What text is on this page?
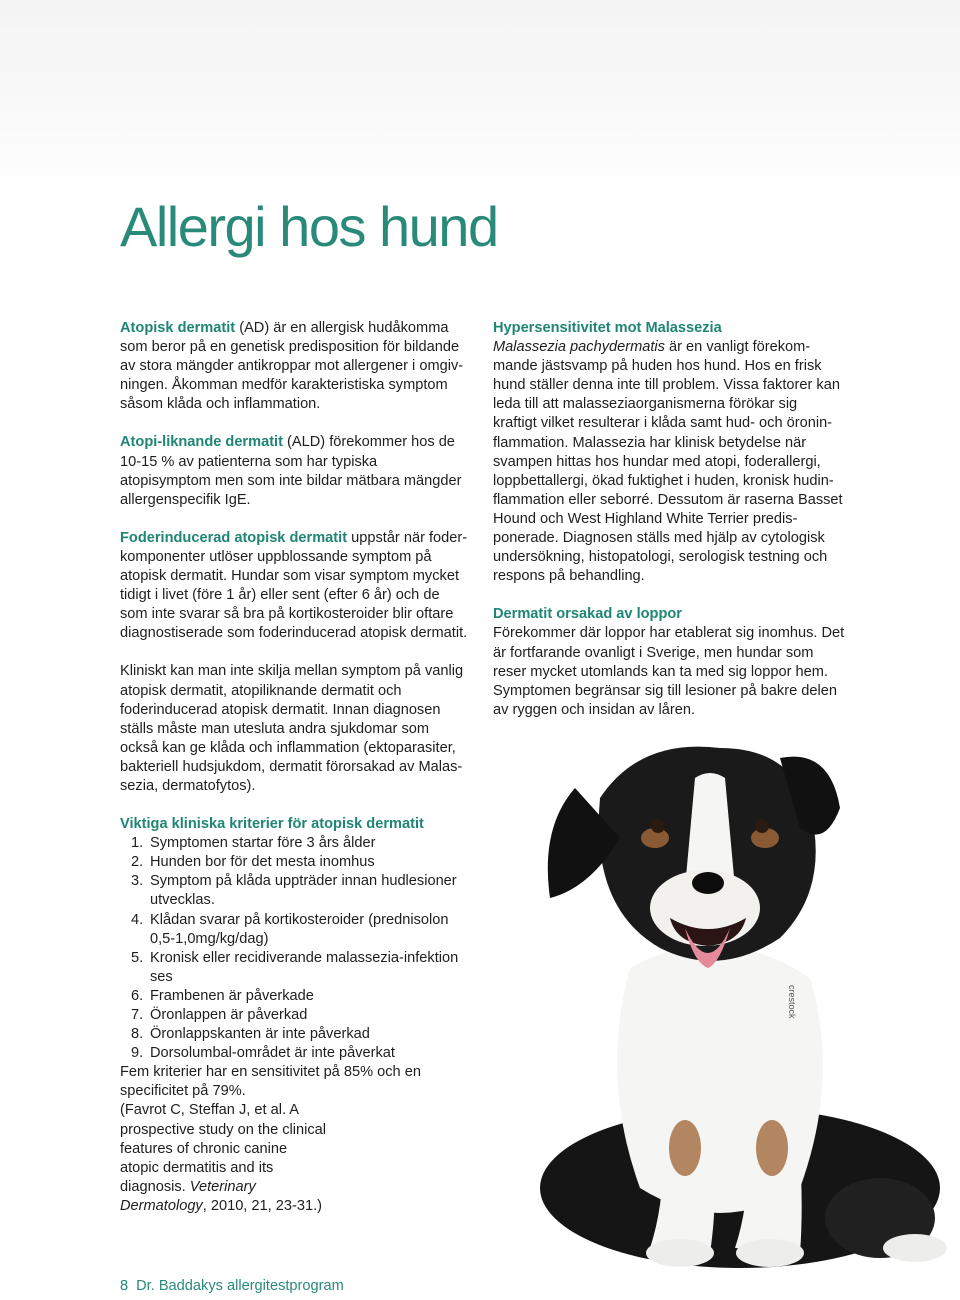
Allergi hos hund

Atopisk dermatit (AD) är en allergisk hudåkomma som beror på en genetisk predisposition för bildande av stora mängder antikroppar mot allergener i omgiv-ningen. Åkomman medför karakteristiska symptom såsom klåda och inflammation.

Atopi-liknande dermatit (ALD) förekommer hos de 10-15 % av patienterna som har typiska atopisymptom men som inte bildar mätbara mängder allergenspecifik IgE.

Foderinducerad atopisk dermatit uppstår när foder-komponenter utlöser uppblossande symptom på atopisk dermatit. Hundar som visar symptom mycket tidigt i livet (före 1 år) eller sent (efter 6 år) och de som inte svarar så bra på kortikosteroider blir oftare diagnostiserade som foderinducerad atopisk dermatit.

Kliniskt kan man inte skilja mellan symptom på vanlig atopisk dermatit, atopiliknande dermatit och foderinducerad atopisk dermatit. Innan diagnosen ställs måste man utesluta andra sjukdomar som också kan ge klåda och inflammation (ektoparasiter, bakteriell hudsjukdom, dermatit förorsakad av Malas-sezia, dermatofytos).

Viktiga kliniska kriterier för atopisk dermatit
1. Symptomen startar före 3 års ålder
2. Hunden bor för det mesta inomhus
3. Symptom på klåda uppträder innan hudlesioner utvecklas.
4. Klådan svarar på kortikosteroider (prednisolon 0,5-1,0mg/kg/dag)
5. Kronisk eller recidiverande malassezia-infektion ses
6. Frambenen är påverkade
7. Öronlappen är påverkad
8. Öronlappskanten är inte påverkad
9. Dorsolumbal-området är inte påverkat

Fem kriterier har en sensitivitet på 85% och en specificitet på 79%.

(Favrot C, Steffan J, et al. A prospective study on the clinical features of chronic canine atopic dermatitis and its diagnosis. Veterinary Dermatology, 2010, 21, 23-31.)

Hypersensitivitet mot Malassezia

Malassezia pachydermatis är en vanligt förekom-mande jästsvamp på huden hos hund. Hos en frisk hund ställer denna inte till problem. Vissa faktorer kan leda till att malasseziaorganismerna förökar sig kraftigt vilket resulterar i klåda samt hud- och öronin-flammation. Malassezia har klinisk betydelse när svampen hittas hos hundar med atopi, foderallergi, loppbettallergi, ökad fuktighet i huden, kronisk hudin-flammation eller seborré. Dessutom är raserna Basset Hound och West Highland White Terrier predis-ponerade. Diagnosen ställs med hjälp av cytologisk undersökning, histopatologi, serologisk testning och respons på behandling.

Dermatit orsakad av loppor

Förekommer där loppor har etablerat sig inomhus. Det är fortfarande ovanligt i Sverige, men hundar som reser mycket utomlands kan ta med sig loppor hem. Symptomen begränsar sig till lesioner på bakre delen av ryggen och insidan av låren.

crestock
8 Dr. Baddakys allergitestprogram
